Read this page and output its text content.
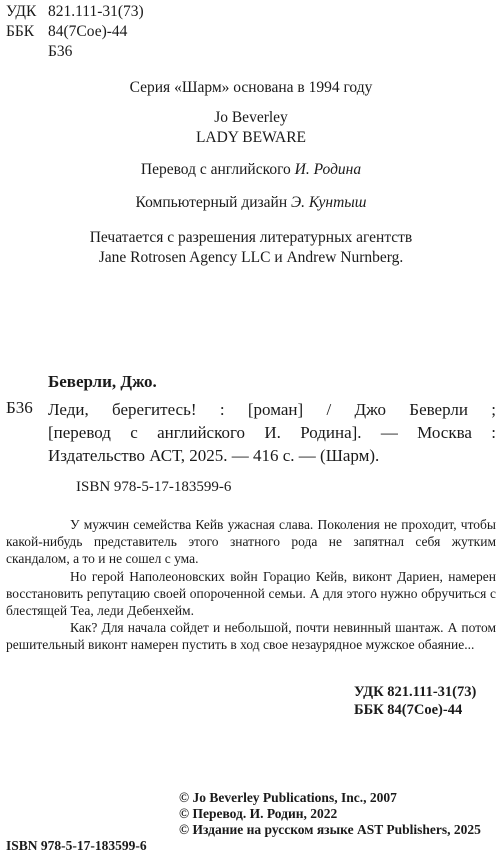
УДК 821.111-31(73)
ББК 84(7Сое)-44
Б36
Серия «Шарм» основана в 1994 году
Jo Beverley
LADY BEWARE
Перевод с английского И. Родина
Компьютерный дизайн Э. Кунтыш
Печатается с разрешения литературных агентств
Jane Rotrosen Agency LLC и Andrew Nurnberg.
Беверли, Джо.
Б36 Леди, берегитесь! : [роман] / Джо Беверли ;
[перевод с английского И. Родина]. — Москва :
Издательство АСТ, 2025. — 416 с. — (Шарм).
ISBN 978-5-17-183599-6

У мужчин семейства Кейв ужасная слава. Поколения не проходит, чтобы какой-нибудь представитель этого знатного рода не запятнал себя жутким скандалом, а то и не сошел с ума.

Но герой Наполеоновских войн Горацио Кейв, виконт Дариен, намерен восстановить репутацию своей опороченной семьи. А для этого нужно обручиться с блестящей Теа, леди Дебенхейм.

Как? Для начала сойдет и небольшой, почти невинный шантаж. А потом решительный виконт намерен пустить в ход свое незаурядное мужское обаяние...

УДК 821.111-31(73)
ББК 84(7Сое)-44
© Jo Beverley Publications, Inc., 2007
© Перевод. И. Родин, 2022
© Издание на русском языке AST Publishers, 2025
ISBN 978-5-17-183599-6
